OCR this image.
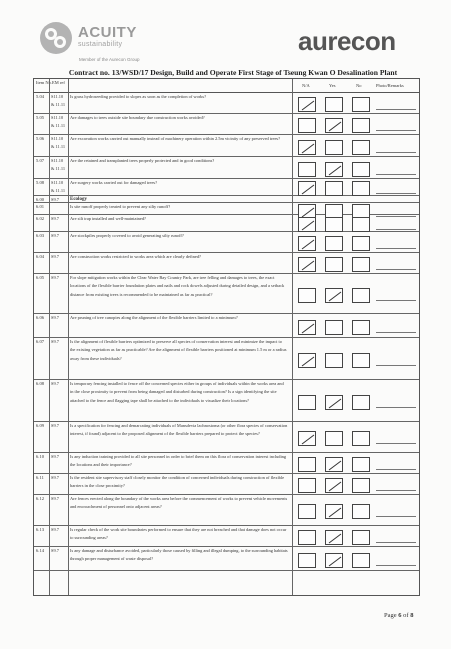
ACUITY
sustainability
Member of the Aurecon Group
aurecon
Contract no. 13/WSD/17 Design, Build and Operate First Stage of Tseung Kwan O Desalination Plant
Item No. EM ref
N/A	Yes	No	Photo/Remarks
5.04 S11.10 & 11.11
Is grass hydroseeding provided to slopes as soon as the completion of works?
5.05 S11.10 & 11.11
Are damages to trees outside site boundary due construction works avoided?
5.06 S11.10 & 11.11
Are excavation works carried out manually instead of machinery operation within 2.5m vicinity of any preserved trees?
5.07 S11.10 & 11.11
Are the retained and transplanted trees properly protected and in good conditions?
5.08 S11.10 & 11.11
Are surgery works carried out for damaged trees?
6.00 S9.7	Ecology
6.01	Is site runoff properly treated to prevent any silty runoff?
6.02 S9.7	Are silt trap installed and well-maintained?
6.03 S9.7	Are stockpiles properly covered to avoid generating silty runoff?
6.04 S9.7	Are construction works restricted to works area which are clearly defined?
6.05 S9.7	For slope mitigation works within the Clear Water Bay Country Park, are tree felling and damages to trees, the exact locations of the flexible barrier foundation plates and nails and rock dowels adjusted during detailed design, and a setback distance from existing trees is recommended to be maintained as far as practical?
6.06 S9.7	Are pruning of tree canopies along the alignment of the flexible barriers limited to a minimum?
6.07 S9.7	Is the alignment of flexible barriers optimized to preserve all species of conservation interest and minimize the impact to the existing vegetation as far as practicable? Are the alignment of flexible barriers positioned at minimum 1.5 m or a radius away from these individuals?
6.08 S9.7	Is temporary fencing installed to fence off the concerned species either in groups of individuals within the works area and in the close proximity to prevent from being damaged and disturbed during construction? Is a sign identifying the site attached to the fence and flagging tape shall be attached to the individuals to visualize their locations?
6.09 S9.7	Is a specification for fencing and demarcating individuals of Mansdevia lachnostoma (or other flora species of conservation interest, if found) adjacent to the proposed alignment of the flexible barriers prepared to protect the species?
6.10 S9.7	Is any induction training provided to all site personnel in order to brief them on this flora of conservation interest including the locations and their importance?
6.11 S9.7	Is the resident site supervisory staff closely monitor the condition of concerned individuals during construction of flexible barriers in the close proximity?
6.12 S9.7	Are fences erected along the boundary of the works area before the commencement of works to prevent vehicle movements and encroachment of personnel onto adjacent areas?
6.13 S9.7	Is regular check of the work site boundaries performed to ensure that they are not breached and that damage does not occur to surrounding areas?
6.14 S9.7	Is any damage and disturbance avoided, particularly those caused by filling and illegal dumping, to the surrounding habitats through proper management of waste disposal?
Page 6 of 8
